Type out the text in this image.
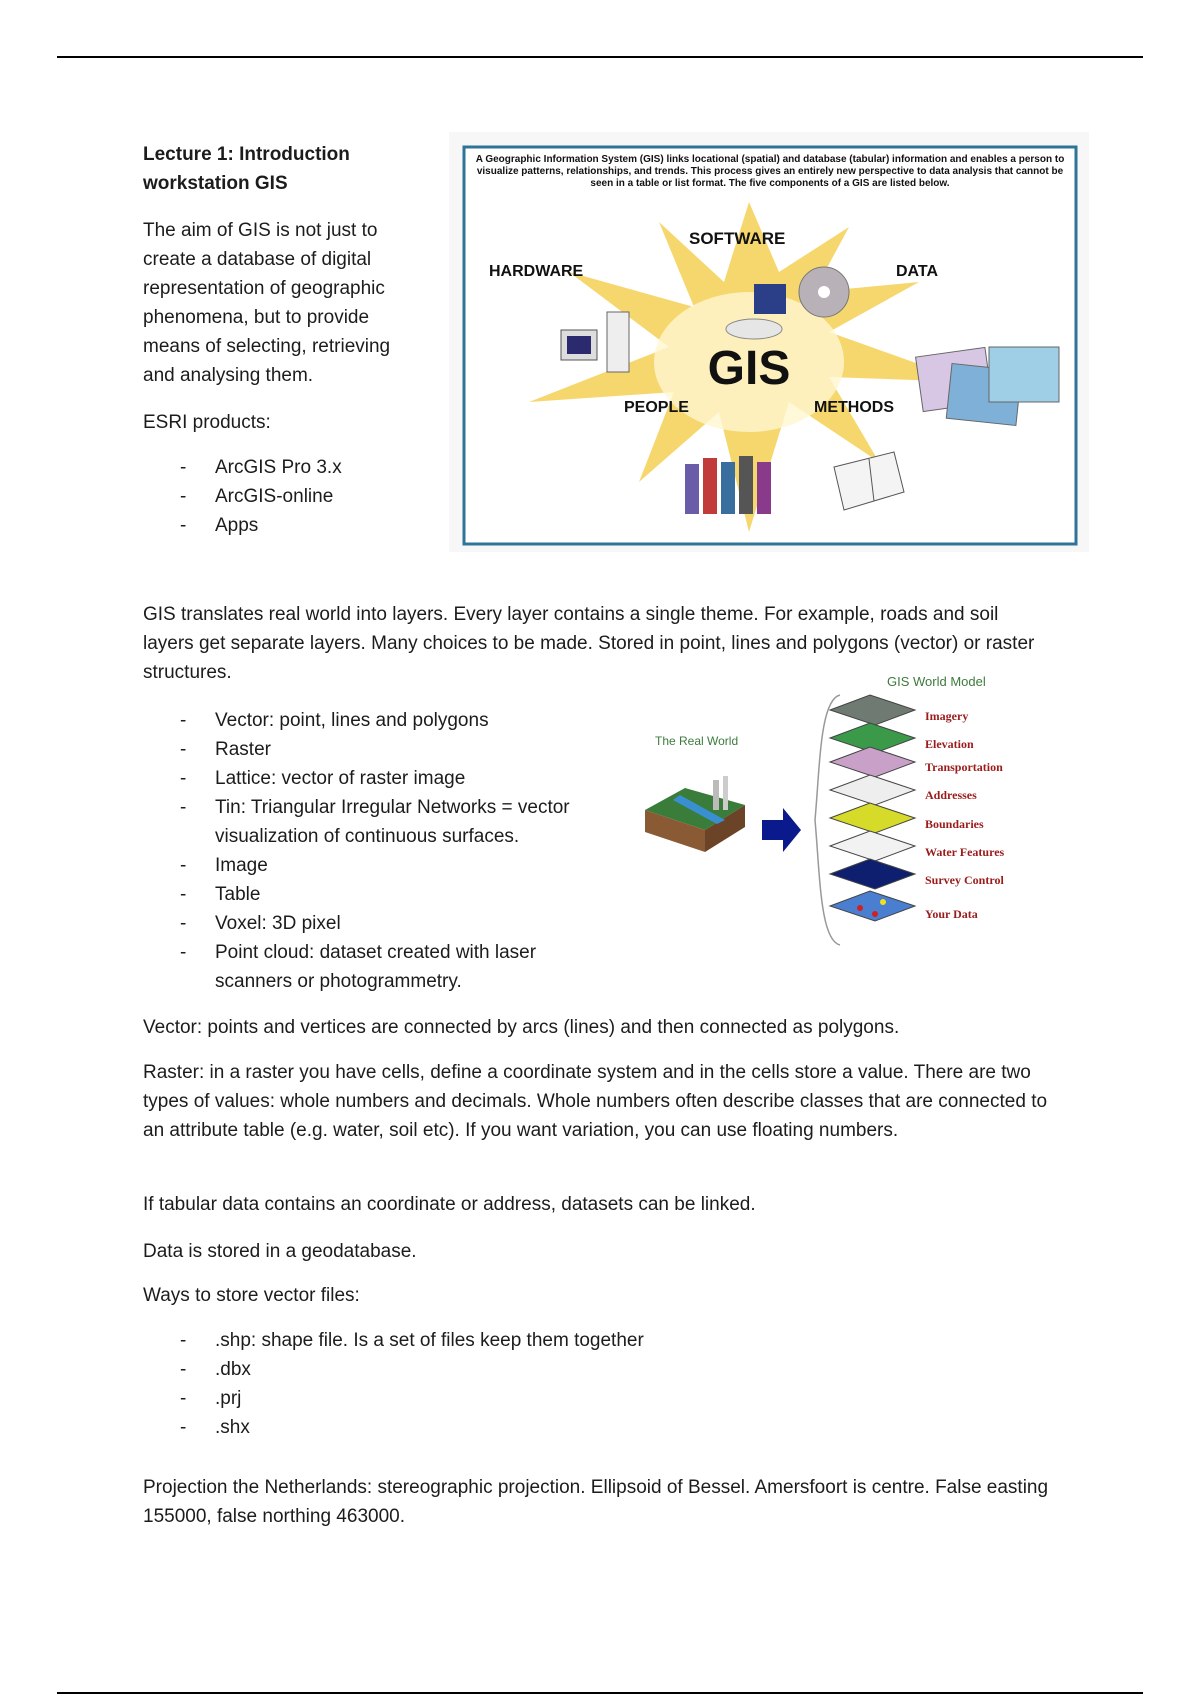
Lecture 1: Introduction workstation GIS

The aim of GIS is not just to create a database of digital representation of geographic phenomena, but to provide means of selecting, retrieving and analysing them.

ESRI products:

- ArcGIS Pro 3.x
- ArcGIS-online
- Apps
A Geographic Information System (GIS) links locational (spatial) and database (tabular) information and enables a person to visualize patterns, relationships, and trends. This process gives an entirely new perspective to data analysis that cannot be seen in a table or list format. The five components of a GIS are listed below.
GIS
SOFTWARE
HARDWARE	DATA
PEOPLE	METHODS

GIS translates real world into layers. Every layer contains a single theme. For example, roads and soil layers get separate layers. Many choices to be made. Stored in point, lines and polygons (vector) or raster structures.

- Vector: point, lines and polygons
- Raster
- Lattice: vector of raster image
- Tin: Triangular Irregular Networks = vector visualization of continuous surfaces.
- Image
- Table
- Voxel: 3D pixel
- Point cloud: dataset created with laser scanners or photogrammetry.
GIS World Model
The Real World
Imagery
Elevation
Transportation
Addresses
Boundaries
Water Features
Survey Control
Your Data

Vector: points and vertices are connected by arcs (lines) and then connected as polygons.

Raster: in a raster you have cells, define a coordinate system and in the cells store a value. There are two types of values: whole numbers and decimals. Whole numbers often describe classes that are connected to an attribute table (e.g. water, soil etc). If you want variation, you can use floating numbers.

If tabular data contains an coordinate or address, datasets can be linked.

Data is stored in a geodatabase.

Ways to store vector files:

- .shp: shape file. Is a set of files keep them together
- .dbx
- .prj
- .shx

Projection the Netherlands: stereographic projection. Ellipsoid of Bessel. Amersfoort is centre. False easting 155000, false northing 463000.
